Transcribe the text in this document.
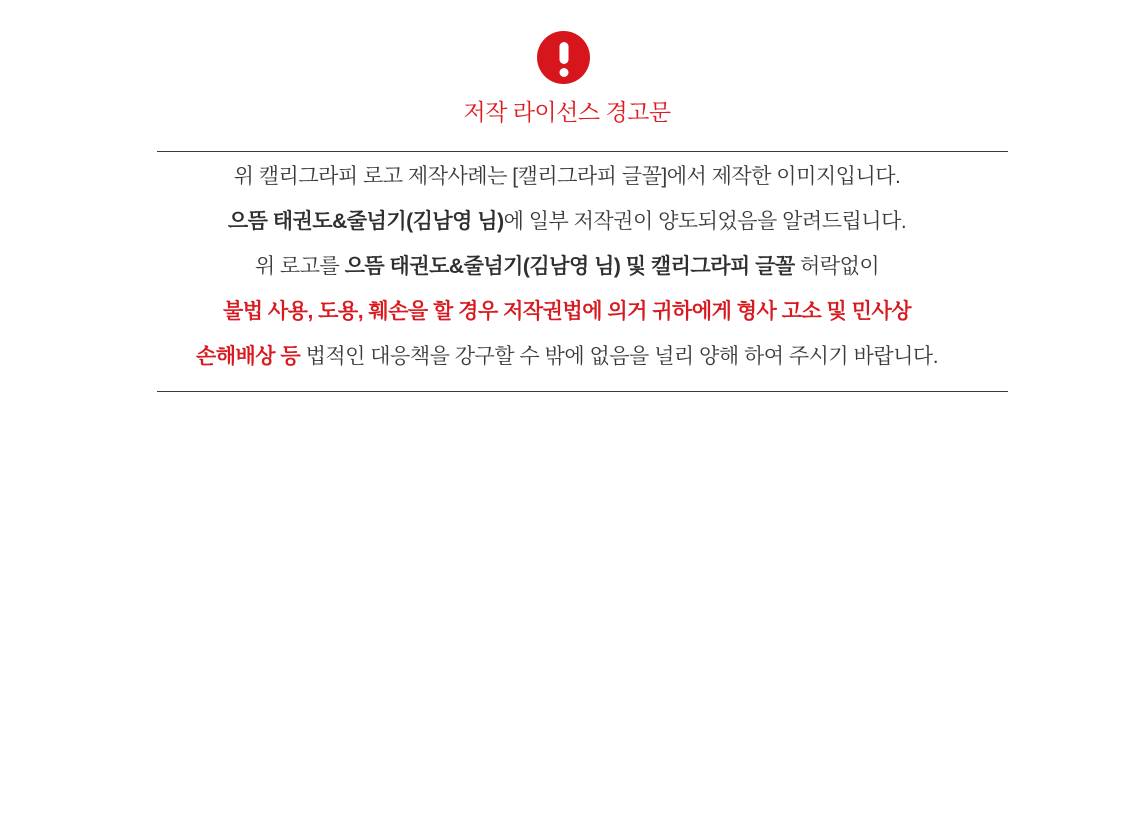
저작 라이선스 경고문
위 캘리그라피 로고 제작사례는 [캘리그라피 글꼴]에서 제작한 이미지입니다.
으뜸 태권도&줄넘기(김남영 님)에 일부 저작권이 양도되었음을 알려드립니다.
위 로고를 으뜸 태권도&줄넘기(김남영 님) 및 캘리그라피 글꼴 허락없이
불법 사용, 도용, 훼손을 할 경우 저작권법에 의거 귀하에게 형사 고소 및 민사상
손해배상 등 법적인 대응책을 강구할 수 밖에 없음을 널리 양해 하여 주시기 바랍니다.
